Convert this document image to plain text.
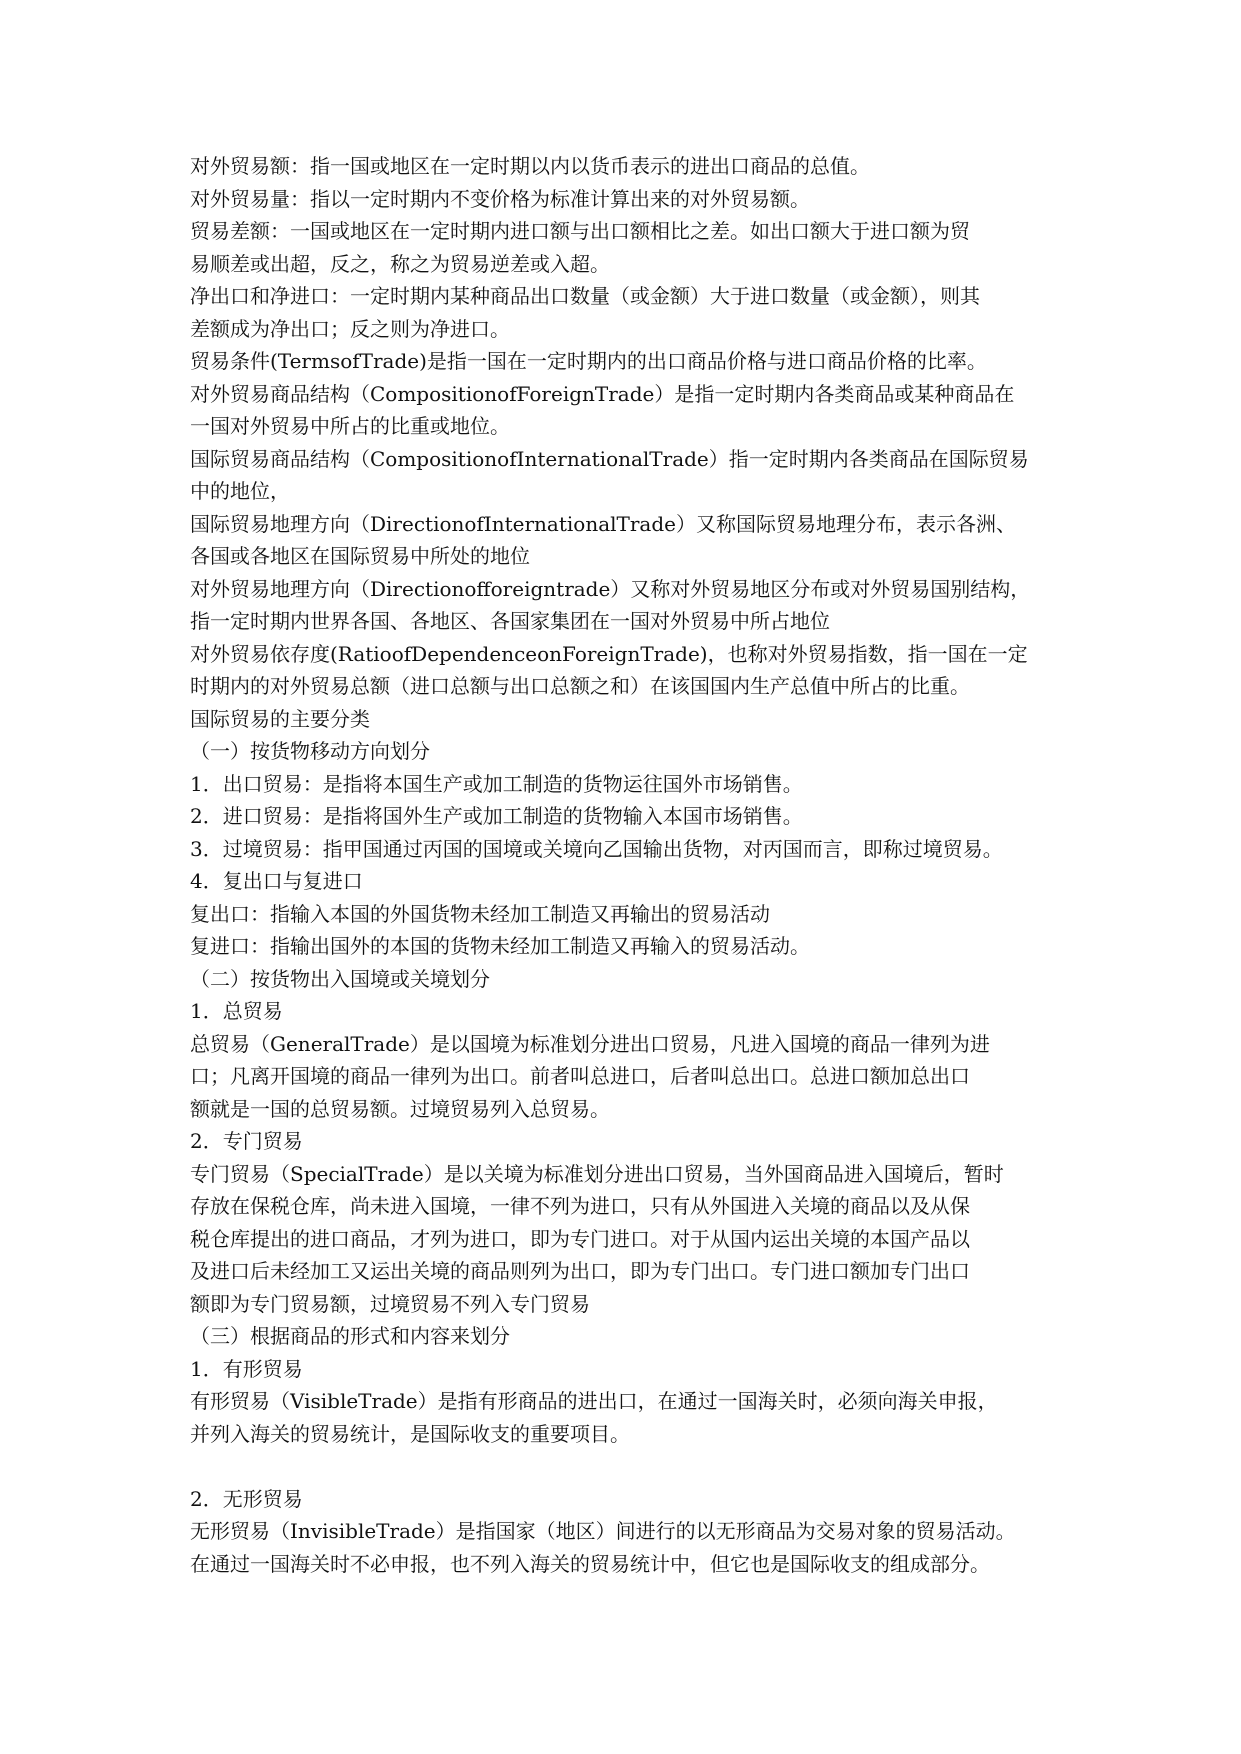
对外贸易额：指一国或地区在一定时期以内以货币表示的进出口商品的总值。
对外贸易量：指以一定时期内不变价格为标准计算出来的对外贸易额。
贸易差额：一国或地区在一定时期内进口额与出口额相比之差。如出口额大于进口额为贸
易顺差或出超，反之，称之为贸易逆差或入超。
净出口和净进口：一定时期内某种商品出口数量（或金额）大于进口数量（或金额），则其
差额成为净出口；反之则为净进口。
贸易条件(TermsofTrade)是指一国在一定时期内的出口商品价格与进口商品价格的比率。
对外贸易商品结构（CompositionofForeignTrade）是指一定时期内各类商品或某种商品在
一国对外贸易中所占的比重或地位。
国际贸易商品结构（CompositionofInternationalTrade）指一定时期内各类商品在国际贸易
中的地位，
国际贸易地理方向（DirectionofInternationalTrade）又称国际贸易地理分布，表示各洲、
各国或各地区在国际贸易中所处的地位
对外贸易地理方向（Directionofforeigntrade）又称对外贸易地区分布或对外贸易国别结构，
指一定时期内世界各国、各地区、各国家集团在一国对外贸易中所占地位
对外贸易依存度(RatioofDependenceonForeignTrade)，也称对外贸易指数，指一国在一定
时期内的对外贸易总额（进口总额与出口总额之和）在该国国内生产总值中所占的比重。
国际贸易的主要分类
（一）按货物移动方向划分
1．出口贸易：是指将本国生产或加工制造的货物运往国外市场销售。
2．进口贸易：是指将国外生产或加工制造的货物输入本国市场销售。
3．过境贸易：指甲国通过丙国的国境或关境向乙国输出货物，对丙国而言，即称过境贸易。
4．复出口与复进口
复出口：指输入本国的外国货物未经加工制造又再输出的贸易活动
复进口：指输出国外的本国的货物未经加工制造又再输入的贸易活动。
（二）按货物出入国境或关境划分
1．总贸易
总贸易（GeneralTrade）是以国境为标准划分进出口贸易，凡进入国境的商品一律列为进
口；凡离开国境的商品一律列为出口。前者叫总进口，后者叫总出口。总进口额加总出口
额就是一国的总贸易额。过境贸易列入总贸易。
2．专门贸易
专门贸易（SpecialTrade）是以关境为标准划分进出口贸易，当外国商品进入国境后，暂时
存放在保税仓库，尚未进入国境，一律不列为进口，只有从外国进入关境的商品以及从保
税仓库提出的进口商品，才列为进口，即为专门进口。对于从国内运出关境的本国产品以
及进口后未经加工又运出关境的商品则列为出口，即为专门出口。专门进口额加专门出口
额即为专门贸易额，过境贸易不列入专门贸易
（三）根据商品的形式和内容来划分
1．有形贸易
有形贸易（VisibleTrade）是指有形商品的进出口，在通过一国海关时，必须向海关申报，
并列入海关的贸易统计，是国际收支的重要项目。
2．无形贸易
无形贸易（InvisibleTrade）是指国家（地区）间进行的以无形商品为交易对象的贸易活动。
在通过一国海关时不必申报，也不列入海关的贸易统计中，但它也是国际收支的组成部分。
